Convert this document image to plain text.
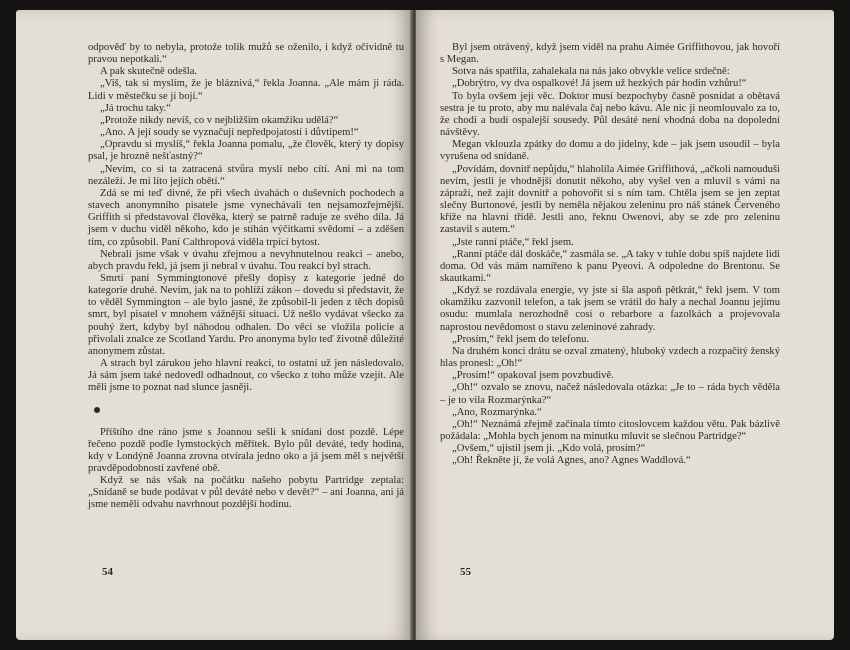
odpověď by to nebyla, protože tolik mužů se oženilo, i když očividně tu pravou nepotkali.“

A pak skutečně odešla.

„Viš, tak si myslím, že je bláznivá,“ řekla Joanna. „Ale mám ji ráda. Lidi v městečku se jí bojí.“

„Já trochu taky.“

„Protože nikdy nevíš, co v nejbližším okamžiku udělá?“

„Ano. A její soudy se vyznačují nepředpojatostí i důvtipem!“

„Opravdu si myslíš,“ řekla Joanna pomalu, „že člověk, který ty dopisy psal, je hrozně nešťastný?“

„Nevím, co si ta zatracená stvůra myslí nebo cítí. Ani mi na tom nezáleží. Je mi líto jejích obětí.“

Zdá se mi teď divné, že při všech úvahách o duševních pochodech a stavech anonymního pisatele jsme vynechávali ten nejsamozřejmější. Griffith si představoval člověka, který se patrně raduje ze svého díla. Já jsem v duchu viděl někoho, kdo je stíhán výčitkami svědomí – a zděšen tím, co způsobil. Paní Calthropová viděla trpící bytost.

Nebrali jsme však v úvahu zřejmou a nevyhnutelnou reakci – anebo, abych pravdu řekl, já jsem ji nebral v úvahu. Tou reakcí byl strach.

Smrtí paní Symmingtonové přešly dopisy z kategorie jedné do kategorie druhé. Nevím, jak na to pohlíží zákon – dovedu si představit, že to věděl Symmington – ale bylo jasné, že způsobil-li jeden z těch dopisů smrt, byl pisatel v mnohem vážnější situaci. Už nešlo vydávat všecko za pouhý žert, kdyby byl náhodou odhalen. Do věci se vložila policie a přivolali znalce ze Scotland Yardu. Pro anonyma bylo teď životně důležité anonymem zůstat.

A strach byl zárukou jeho hlavní reakci, to ostatní už jen následovalo. Já sám jsem také nedovedl odhadnout, co všecko z toho může vzejít. Ale měli jsme to poznat nad slunce jasněji.

Příštího dne ráno jsme s Joannou sešli k snídani dost pozdě. Lépe řečeno pozdě podle lymstockých měřítek. Bylo půl deváté, tedy hodina, kdy v Londýně Joanna zrovna otvírala jedno oko a já jsem měl s největší pravděpodobností zavřené obě.

Když se nás však na počátku našeho pobytu Partridge zeptala: „Snídaně se bude podávat v půl deváté nebo v devět?“ – ani Joanna, ani já jsme neměli odvahu navrhnout pozdější hodinu.

54

Byl jsem otrávený, když jsem viděl na prahu Aimée Griffithovou, jak hovoří s Megan.

Sotva nás spatřila, zahalekala na nás jako obvykle velice srdečně:

„Dobrýtro, vy dva ospalkové! Já jsem už hezkých pár hodin vzhůru!“

To byla ovšem její věc. Doktor musí bezpochyby časně posnídat a obětavá sestra je tu proto, aby mu nalévala čaj nebo kávu. Ale nic ji neomlouvalo za to, že chodí a budí ospalejší sousedy. Půl desáté není vhodná doba na dopolední návštěvy.

Megan vklouzla zpátky do domu a do jídelny, kde – jak jsem usoudil – byla vyrušena od snídaně.

„Povídám, dovnitř nepůjdu,“ hlaholila Aimée Griffithová, „ačkoli namouduši nevím, jestli je vhodnější donutit někoho, aby vyšel ven a mluvil s vámi na zápraží, než zajít dovnitř a pohovořit si s ním tam. Chtěla jsem se jen zeptat slečny Burtonové, jestli by neměla nějakou zeleninu pro náš stánek Červeného kříže na hlavní třídě. Jestli ano, řeknu Owenovi, aby se zde pro zeleninu zastavil s autem.“

„Jste ranní ptáče,“ řekl jsem.

„Ranní ptáče dál doskáče,“ zasmála se. „A taky v tuhle dobu spíš najdete lidi doma. Od vás mám namířeno k panu Pyeovi. A odpoledne do Brentonu. Se skautkami.“

„Když se rozdávala energie, vy jste si šla aspoň pětkrát,“ řekl jsem. V tom okamžiku zazvonil telefon, a tak jsem se vrátil do haly a nechal Joannu jejímu osudu: mumlala nerozhodně cosi o rebarbore a fazolkách a projevovala naprostou nevědomost o stavu zeleninové zahrady.

„Prosím,“ řekl jsem do telefonu.

Na druhém konci drátu se ozval zmatený, hluboký vzdech a rozpačitý ženský hlas pronesl: „Oh!“

„Prosím!“ opakoval jsem povzbudivě.

„Oh!“ ozvalo se znovu, načež následovala otázka: „Je to – ráda bych věděla – je to vila Rozmarýnka?“

„Ano, Rozmarýnka.“

„Oh!“ Neznámá zřejmě začínala tímto citoslovcem každou větu. Pak bázlivě požádala: „Mohla bych jenom na minutku mluvit se slečnou Partridge?“

„Ovšem,“ ujistil jsem ji. „Kdo volá, prosím?“

„Oh! Řekněte jí, že volá Agnes, ano? Agnes Waddlová.“

55
